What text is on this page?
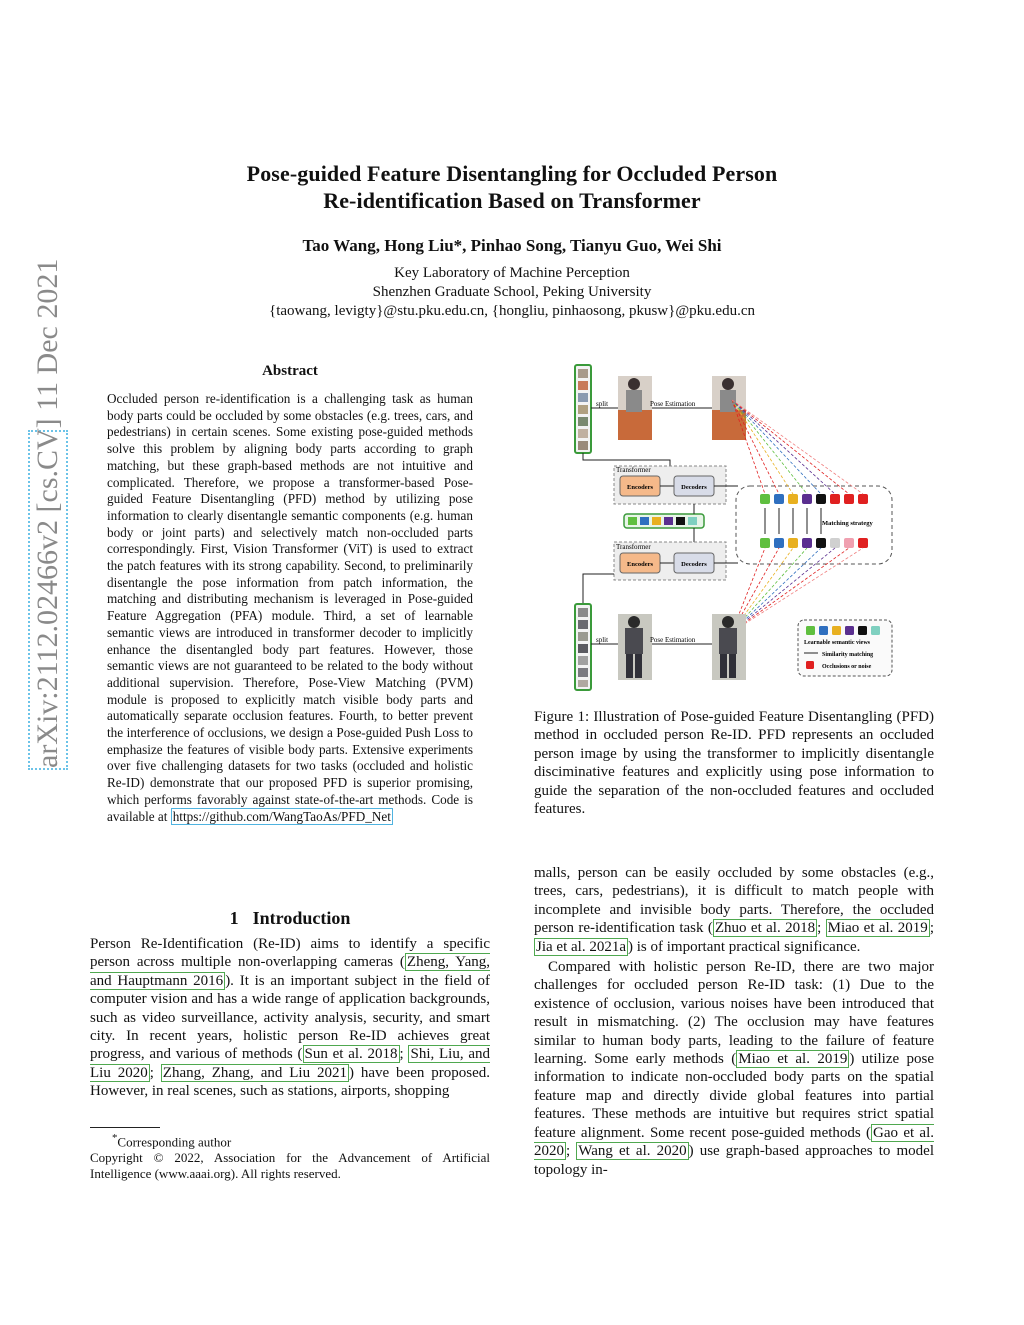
Pose-guided Feature Disentangling for Occluded Person
Re-identification Based on Transformer
Tao Wang, Hong Liu*, Pinhao Song, Tianyu Guo, Wei Shi
Key Laboratory of Machine Perception
Shenzhen Graduate School, Peking University
{taowang, levigty}@stu.pku.edu.cn, {hongliu, pinhaosong, pkusw}@pku.edu.cn
arXiv:2112.02466v2 [cs.CV] 11 Dec 2021	Abstract
Occluded person re-identification is a challenging task as human body parts could be occluded by some obstacles (e.g. trees, cars, and pedestrians) in certain scenes. Some existing pose-guided methods solve this problem by aligning body parts according to graph matching, but these graph-based methods are not intuitive and complicated. Therefore, we propose a transformer-based Pose-guided Feature Disentangling (PFD) method by utilizing pose information to clearly disentangle semantic components (e.g. human body or joint parts) and selectively match non-occluded parts correspondingly. First, Vision Transformer (ViT) is used to extract the patch features with its strong capability. Second, to preliminarily disentangle the pose information from patch information, the matching and distributing mechanism is leveraged in Pose-guided Feature Aggregation (PFA) module. Third, a set of learnable semantic views are introduced in transformer decoder to implicitly enhance the disentangled body part features. However, those semantic views are not guaranteed to be related to the body without additional supervision. Therefore, Pose-View Matching (PVM) module is proposed to explicitly match visible body parts and automatically separate occlusion features. Fourth, to better prevent the interference of occlusions, we design a Pose-guided Push Loss to emphasize the features of visible body parts. Extensive experiments over five challenging datasets for two tasks (occluded and holistic Re-ID) demonstrate that our proposed PFD is superior promising, which performs favorably against state-of-the-art methods. Code is available at https://github.com/WangTaoAs/PFD_Net
1 Introduction
Person Re-Identification (Re-ID) aims to identify a specific person across multiple non-overlapping cameras ( Zheng, Yang, and Hauptmann 2016 ). It is an important subject in the field of computer vision and has a wide range of application backgrounds, such as video surveillance, activity analysis, security, and smart city. In recent years, holistic person Re-ID achieves great progress, and various of methods ( Sun et al. 2018 ; Shi, Liu, and Liu 2020 ; Zhang, Zhang, and Liu 2021 ) have been proposed. However, in real scenes, such as stations, airports, shopping
*Corresponding author
Copyright © 2022, Association for the Advancement of Artificial Intelligence (www.aaai.org). All rights reserved.
split	Pose Estimation
Transformer
Encoders	Decoders
Transformer
Encoders	Decoders
Matching strategy
split	Pose Estimation	Learnable semantic views
Similarity matching
Occlusions or noise
Figure 1: Illustration of Pose-guided Feature Disentangling (PFD) method in occluded person Re-ID. PFD represents an occluded person image by using the transformer to implicitly disentangle disciminative features and explicitly using pose information to guide the separation of the non-occluded features and occluded features.

malls, person can be easily occluded by some obstacles (e.g., trees, cars, pedestrians), it is difficult to match people with incomplete and invisible body parts. Therefore, the occluded person re-identification task ( Zhuo et al. 2018 ; Miao et al. 2019 ; Jia et al. 2021a ) is of important practical significance.

Compared with holistic person Re-ID, there are two major challenges for occluded person Re-ID task: (1) Due to the existence of occlusion, various noises have been introduced that result in mismatching. (2) The occlusion may have features similar to human body parts, leading to the failure of feature learning. Some early methods ( Miao et al. 2019 ) utilize pose information to indicate non-occluded body parts on the spatial feature map and directly divide global features into partial features. These methods are intuitive but requires strict spatial feature alignment. Some recent pose-guided methods ( Gao et al. 2020 ; Wang et al. 2020 ) use graph-based approaches to model topology in-
